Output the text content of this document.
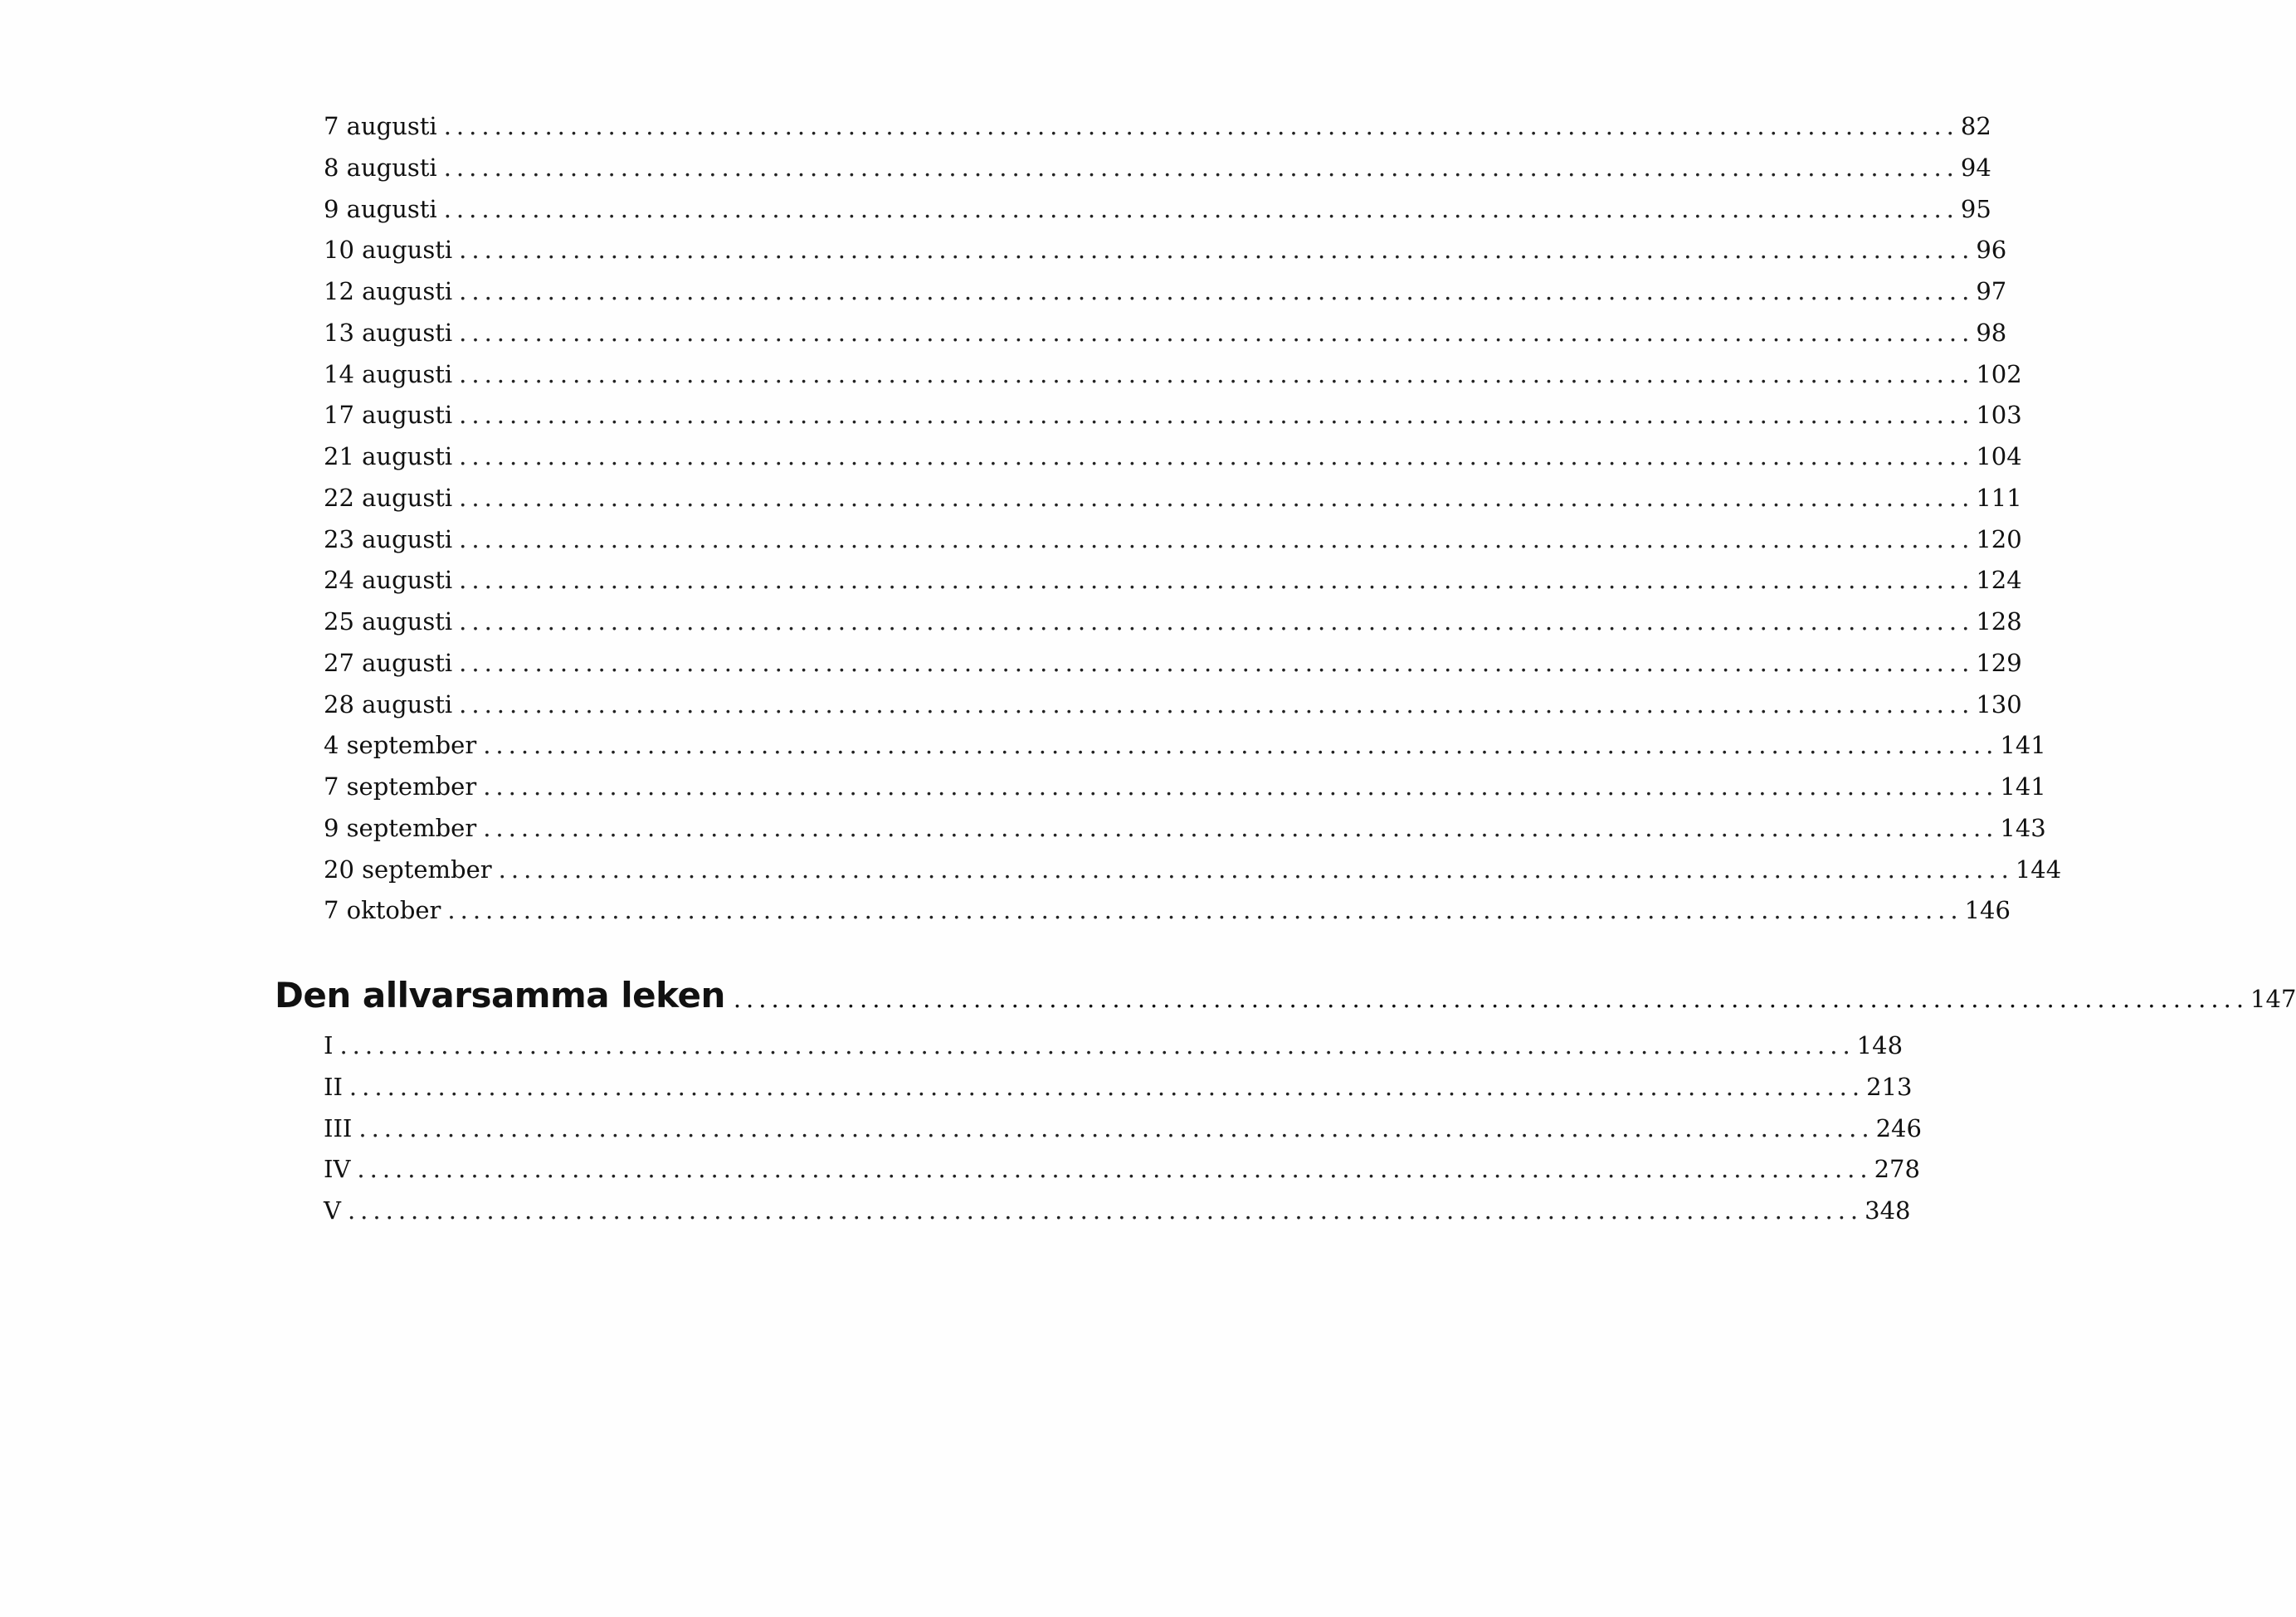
7 augusti ........................................................................................................................ 82
8 augusti ........................................................................................................................ 94
9 augusti ........................................................................................................................ 95
10 augusti ........................................................................................................................ 96
12 augusti ........................................................................................................................ 97
13 augusti ........................................................................................................................ 98
14 augusti ........................................................................................................................ 102
17 augusti ........................................................................................................................ 103
21 augusti ........................................................................................................................ 104
22 augusti ........................................................................................................................ 111
23 augusti ........................................................................................................................ 120
24 augusti ........................................................................................................................ 124
25 augusti ........................................................................................................................ 128
27 augusti ........................................................................................................................ 129
28 augusti ........................................................................................................................ 130
4 september ........................................................................................................................ 141
7 september ........................................................................................................................ 141
9 september ........................................................................................................................ 143
20 september ........................................................................................................................ 144
7 oktober ........................................................................................................................ 146
Den allvarsamma leken ........................................................................................................................ 147
I ........................................................................................................................ 148
II ........................................................................................................................ 213
III ........................................................................................................................ 246
IV ........................................................................................................................ 278
V ........................................................................................................................ 348
